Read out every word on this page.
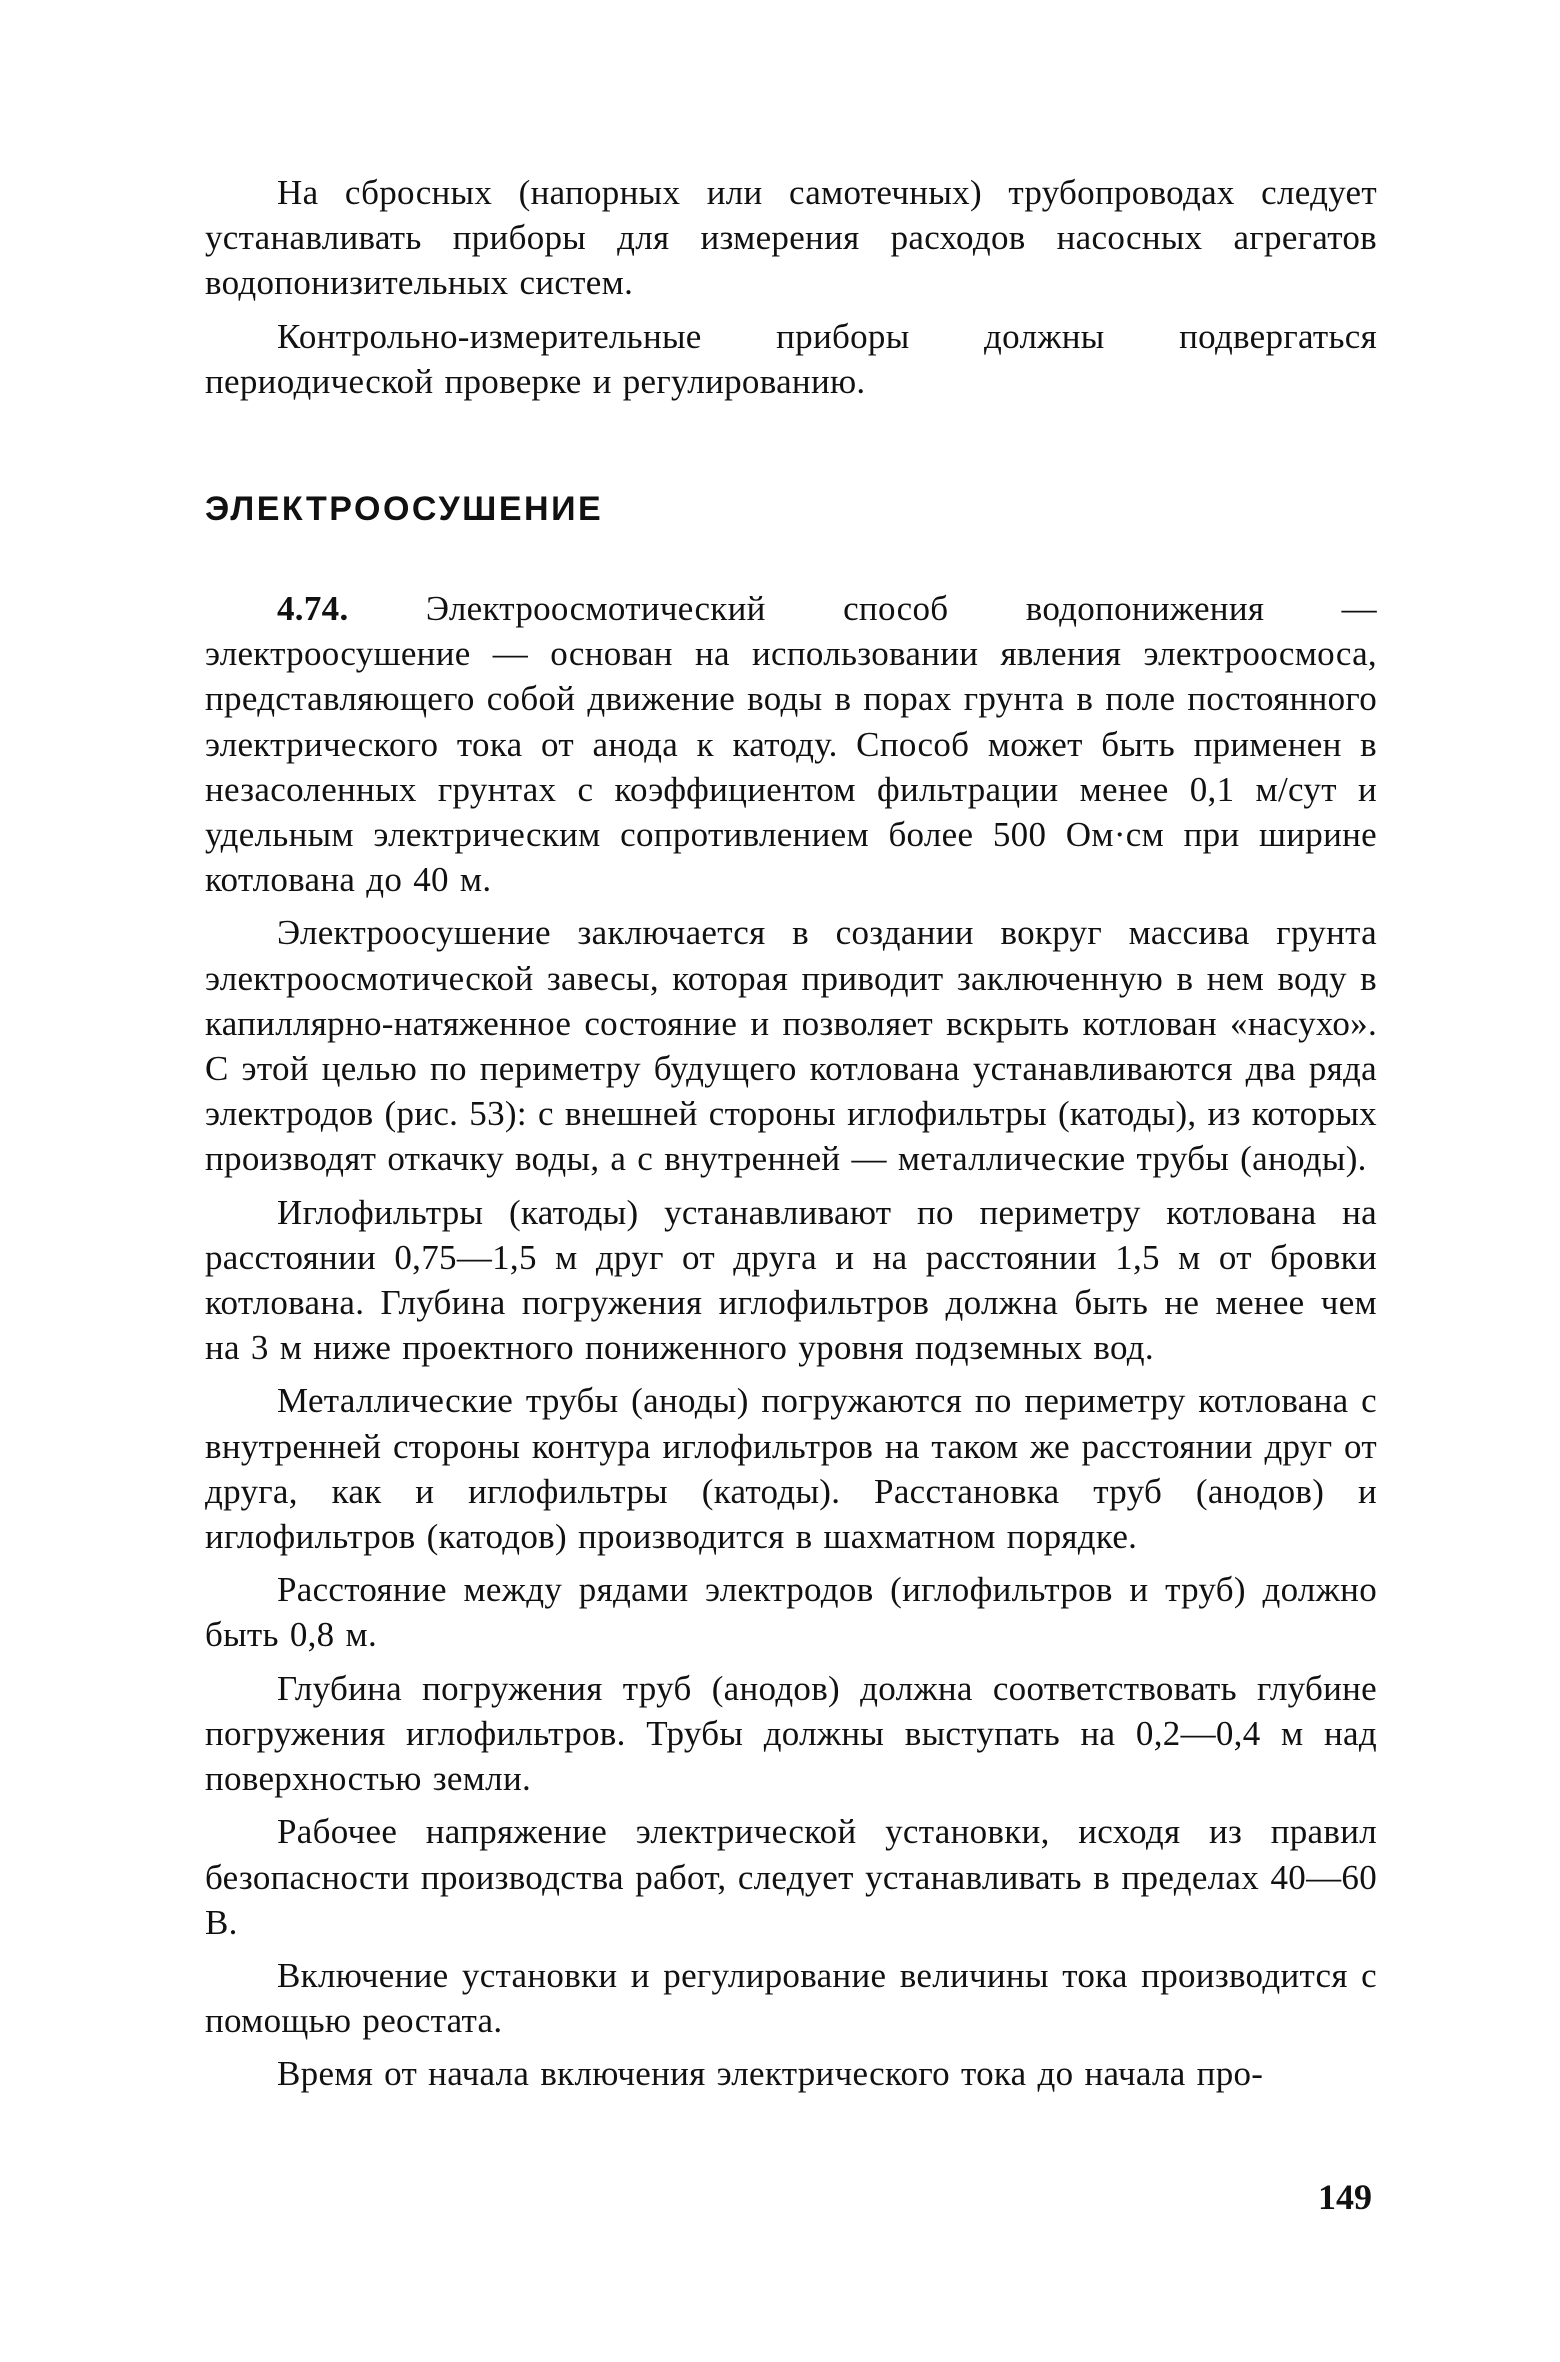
На сбросных (напорных или самотечных) трубопроводах следует устанавливать приборы для измерения расходов насосных агрегатов водопонизительных систем.

Контрольно-измерительные приборы должны подвергаться периодической проверке и регулированию.

ЭЛЕКТРООСУШЕНИЕ

4.74. Электроосмотический способ водопонижения — электроосушение — основан на использовании явления электроосмоса, представляющего собой движение воды в порах грунта в поле постоянного электрического тока от анода к катоду. Способ может быть применен в незасоленных грунтах с коэффициентом фильтрации менее 0,1 м/сут и удельным электрическим сопротивлением более 500 Ом·см при ширине котлована до 40 м.

Электроосушение заключается в создании вокруг массива грунта электроосмотической завесы, которая приводит заключенную в нем воду в капиллярно-натяженное состояние и позволяет вскрыть котлован «насухо». С этой целью по периметру будущего котлована устанавливаются два ряда электродов (рис. 53): с внешней стороны иглофильтры (катоды), из которых производят откачку воды, а с внутренней — металлические трубы (аноды).

Иглофильтры (катоды) устанавливают по периметру котлована на расстоянии 0,75—1,5 м друг от друга и на расстоянии 1,5 м от бровки котлована. Глубина погружения иглофильтров должна быть не менее чем на 3 м ниже проектного пониженного уровня подземных вод.

Металлические трубы (аноды) погружаются по периметру котлована с внутренней стороны контура иглофильтров на таком же расстоянии друг от друга, как и иглофильтры (катоды). Расстановка труб (анодов) и иглофильтров (катодов) производится в шахматном порядке.

Расстояние между рядами электродов (иглофильтров и труб) должно быть 0,8 м.

Глубина погружения труб (анодов) должна соответствовать глубине погружения иглофильтров. Трубы должны выступать на 0,2—0,4 м над поверхностью земли.

Рабочее напряжение электрической установки, исходя из правил безопасности производства работ, следует устанавливать в пределах 40—60 В.

Включение установки и регулирование величины тока производится с помощью реостата.

Время от начала включения электрического тока до начала про-

149
